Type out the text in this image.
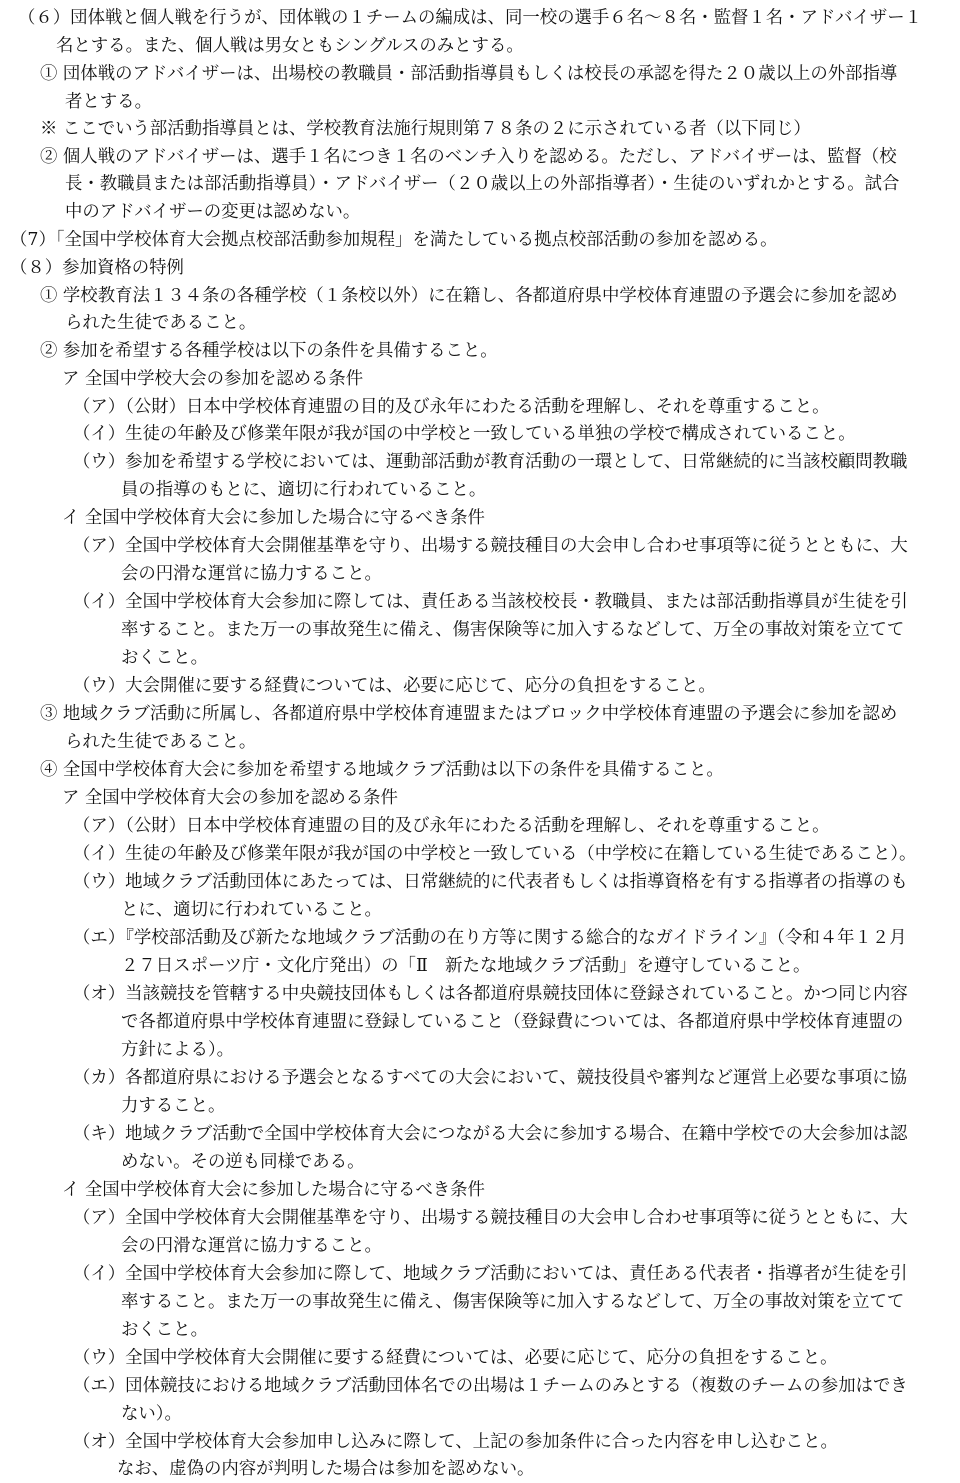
（６）団体戦と個人戦を行うが、団体戦の１チームの編成は、同一校の選手６名～８名・監督１名・アドバイザー１
名とする。また、個人戦は男女ともシングルスのみとする。
① 団体戦のアドバイザーは、出場校の教職員・部活動指導員もしくは校長の承認を得た２０歳以上の外部指導
者とする。
※ ここでいう部活動指導員とは、学校教育法施行規則第７８条の２に示されている者（以下同じ）
② 個人戦のアドバイザーは、選手１名につき１名のベンチ入りを認める。ただし、アドバイザーは、監督（校
長・教職員または部活動指導員）・アドバイザー（２０歳以上の外部指導者）・生徒のいずれかとする。試合
中のアドバイザーの変更は認めない。
（7）「全国中学校体育大会拠点校部活動参加規程」を満たしている拠点校部活動の参加を認める。
（８）参加資格の特例
① 学校教育法１３４条の各種学校（１条校以外）に在籍し、各都道府県中学校体育連盟の予選会に参加を認め
られた生徒であること。
② 参加を希望する各種学校は以下の条件を具備すること。
ア 全国中学校大会の参加を認める条件
（ア）（公財）日本中学校体育連盟の目的及び永年にわたる活動を理解し、それを尊重すること。
（イ）生徒の年齢及び修業年限が我が国の中学校と一致している単独の学校で構成されていること。
（ウ）参加を希望する学校においては、運動部活動が教育活動の一環として、日常継続的に当該校顧問教職
員の指導のもとに、適切に行われていること。
イ 全国中学校体育大会に参加した場合に守るべき条件
（ア）全国中学校体育大会開催基準を守り、出場する競技種目の大会申し合わせ事項等に従うとともに、大
会の円滑な運営に協力すること。
（イ）全国中学校体育大会参加に際しては、責任ある当該校校長・教職員、または部活動指導員が生徒を引
率すること。また万一の事故発生に備え、傷害保険等に加入するなどして、万全の事故対策を立てて
おくこと。
（ウ）大会開催に要する経費については、必要に応じて、応分の負担をすること。
③ 地域クラブ活動に所属し、各都道府県中学校体育連盟またはブロック中学校体育連盟の予選会に参加を認め
られた生徒であること。
④ 全国中学校体育大会に参加を希望する地域クラブ活動は以下の条件を具備すること。
ア 全国中学校体育大会の参加を認める条件
（ア）（公財）日本中学校体育連盟の目的及び永年にわたる活動を理解し、それを尊重すること。
（イ）生徒の年齢及び修業年限が我が国の中学校と一致している（中学校に在籍している生徒であること）。
（ウ）地域クラブ活動団体にあたっては、日常継続的に代表者もしくは指導資格を有する指導者の指導のも
とに、適切に行われていること。
（エ）『学校部活動及び新たな地域クラブ活動の在り方等に関する総合的なガイドライン』（令和４年１２月
２７日スポーツ庁・文化庁発出）の「Ⅱ　新たな地域クラブ活動」を遵守していること。
（オ）当該競技を管轄する中央競技団体もしくは各都道府県競技団体に登録されていること。かつ同じ内容
で各都道府県中学校体育連盟に登録していること（登録費については、各都道府県中学校体育連盟の
方針による）。
（カ）各都道府県における予選会となるすべての大会において、競技役員や審判など運営上必要な事項に協
力すること。
（キ）地域クラブ活動で全国中学校体育大会につながる大会に参加する場合、在籍中学校での大会参加は認
めない。その逆も同様である。
イ 全国中学校体育大会に参加した場合に守るべき条件
（ア）全国中学校体育大会開催基準を守り、出場する競技種目の大会申し合わせ事項等に従うとともに、大
会の円滑な運営に協力すること。
（イ）全国中学校体育大会参加に際して、地域クラブ活動においては、責任ある代表者・指導者が生徒を引
率すること。また万一の事故発生に備え、傷害保険等に加入するなどして、万全の事故対策を立てて
おくこと。
（ウ）全国中学校体育大会開催に要する経費については、必要に応じて、応分の負担をすること。
（エ）団体競技における地域クラブ活動団体名での出場は１チームのみとする（複数のチームの参加はでき
ない）。
（オ）全国中学校体育大会参加申し込みに際して、上記の参加条件に合った内容を申し込むこと。
なお、虚偽の内容が判明した場合は参加を認めない。
